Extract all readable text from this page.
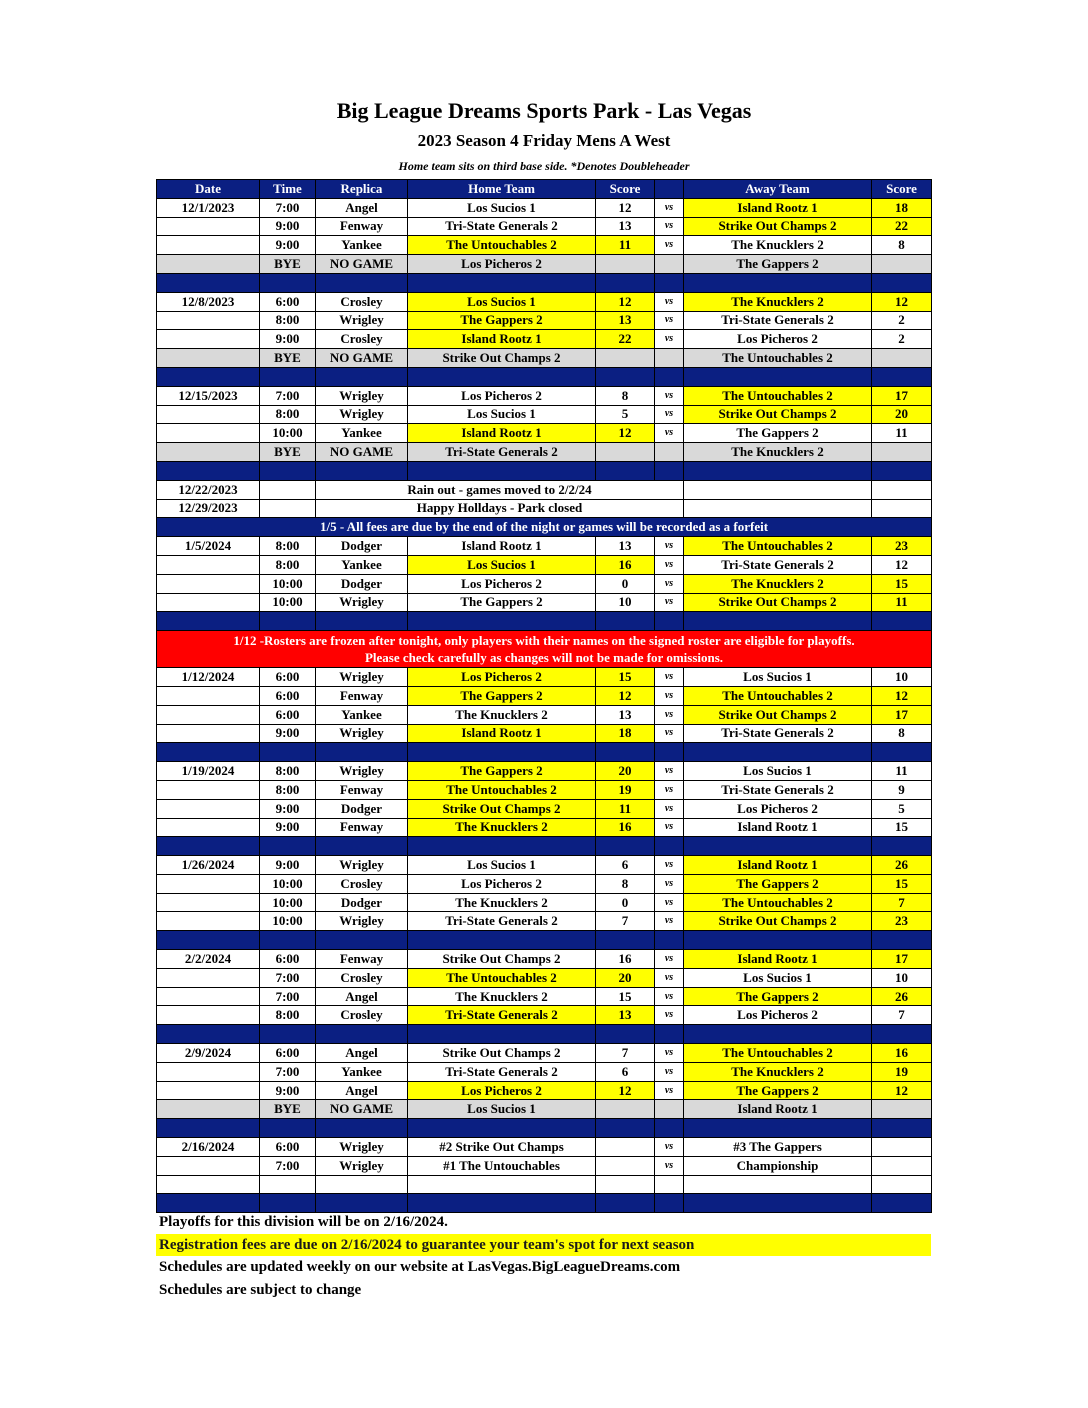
Big League Dreams Sports Park - Las Vegas
2023 Season 4 Friday Mens A West
Home team sits on third base side. *Denotes Doubleheader
Date	Time	Replica	Home Team	Score		Away Team	Score
12/1/2023	7:00	Angel	Los Sucios 1	12	vs	Island Rootz 1	18
	9:00	Fenway	Tri-State Generals 2	13	vs	Strike Out Champs 2	22
	9:00	Yankee	The Untouchables 2	11	vs	The Knucklers 2	8
	BYE	NO GAME	Los Picheros 2			The Gappers 2	

12/8/2023	6:00	Crosley	Los Sucios 1	12	vs	The Knucklers 2	12
	8:00	Wrigley	The Gappers 2	13	vs	Tri-State Generals 2	2
	9:00	Crosley	Island Rootz 1	22	vs	Los Picheros 2	2
	BYE	NO GAME	Strike Out Champs 2			The Untouchables 2	

12/15/2023	7:00	Wrigley	Los Picheros 2	8	vs	The Untouchables 2	17
	8:00	Wrigley	Los Sucios 1	5	vs	Strike Out Champs 2	20
	10:00	Yankee	Island Rootz 1	12	vs	The Gappers 2	11
	BYE	NO GAME	Tri-State Generals 2			The Knucklers 2	

12/22/2023		Rain out - games moved to 2/2/24					
12/29/2023		Happy Holldays - Park closed					
1/5 - All fees are due by the end of the night or games will be recorded as a forfeit							
1/5/2024	8:00	Dodger	Island Rootz 1	13	vs	The Untouchables 2	23
	8:00	Yankee	Los Sucios 1	16	vs	Tri-State Generals 2	12
	10:00	Dodger	Los Picheros 2	0	vs	The Knucklers 2	15
	10:00	Wrigley	The Gappers 2	10	vs	Strike Out Champs 2	11

1/12 -Rosters are frozen after tonight, only players with their names on the signed roster are eligible for playoffs.
Please check carefully as changes will not be made for omissions.							

1/12/2024	6:00	Wrigley	Los Picheros 2	15	vs	Los Sucios 1	10
	6:00	Fenway	The Gappers 2	12	vs	The Untouchables 2	12
	6:00	Yankee	The Knucklers 2	13	vs	Strike Out Champs 2	17
	9:00	Wrigley	Island Rootz 1	18	vs	Tri-State Generals 2	8

1/19/2024	8:00	Wrigley	The Gappers 2	20	vs	Los Sucios 1	11
	8:00	Fenway	The Untouchables 2	19	vs	Tri-State Generals 2	9
	9:00	Dodger	Strike Out Champs 2	11	vs	Los Picheros 2	5
	9:00	Fenway	The Knucklers 2	16	vs	Island Rootz 1	15

1/26/2024	9:00	Wrigley	Los Sucios 1	6	vs	Island Rootz 1	26
	10:00	Crosley	Los Picheros 2	8	vs	The Gappers 2	15
	10:00	Dodger	The Knucklers 2	0	vs	The Untouchables 2	7
	10:00	Wrigley	Tri-State Generals 2	7	vs	Strike Out Champs 2	23

2/2/2024	6:00	Fenway	Strike Out Champs 2	16	vs	Island Rootz 1	17
	7:00	Crosley	The Untouchables 2	20	vs	Los Sucios 1	10
	7:00	Angel	The Knucklers 2	15	vs	The Gappers 2	26
	8:00	Crosley	Tri-State Generals 2	13	vs	Los Picheros 2	7

2/9/2024	6:00	Angel	Strike Out Champs 2	7	vs	The Untouchables 2	16
	7:00	Yankee	Tri-State Generals 2	6	vs	The Knucklers 2	19
	9:00	Angel	Los Picheros 2	12	vs	The Gappers 2	12
	BYE	NO GAME	Los Sucios 1			Island Rootz 1	

2/16/2024	6:00	Wrigley	#2 Strike Out Champs		vs	#3 The Gappers	
	7:00	Wrigley	#1 The Untouchables		vs	Championship	

Playoffs for this division will be on 2/16/2024.
Registration fees are due on 2/16/2024 to guarantee your team's spot for next season
Schedules are updated weekly on our website at LasVegas.BigLeagueDreams.com
Schedules are subject to change
